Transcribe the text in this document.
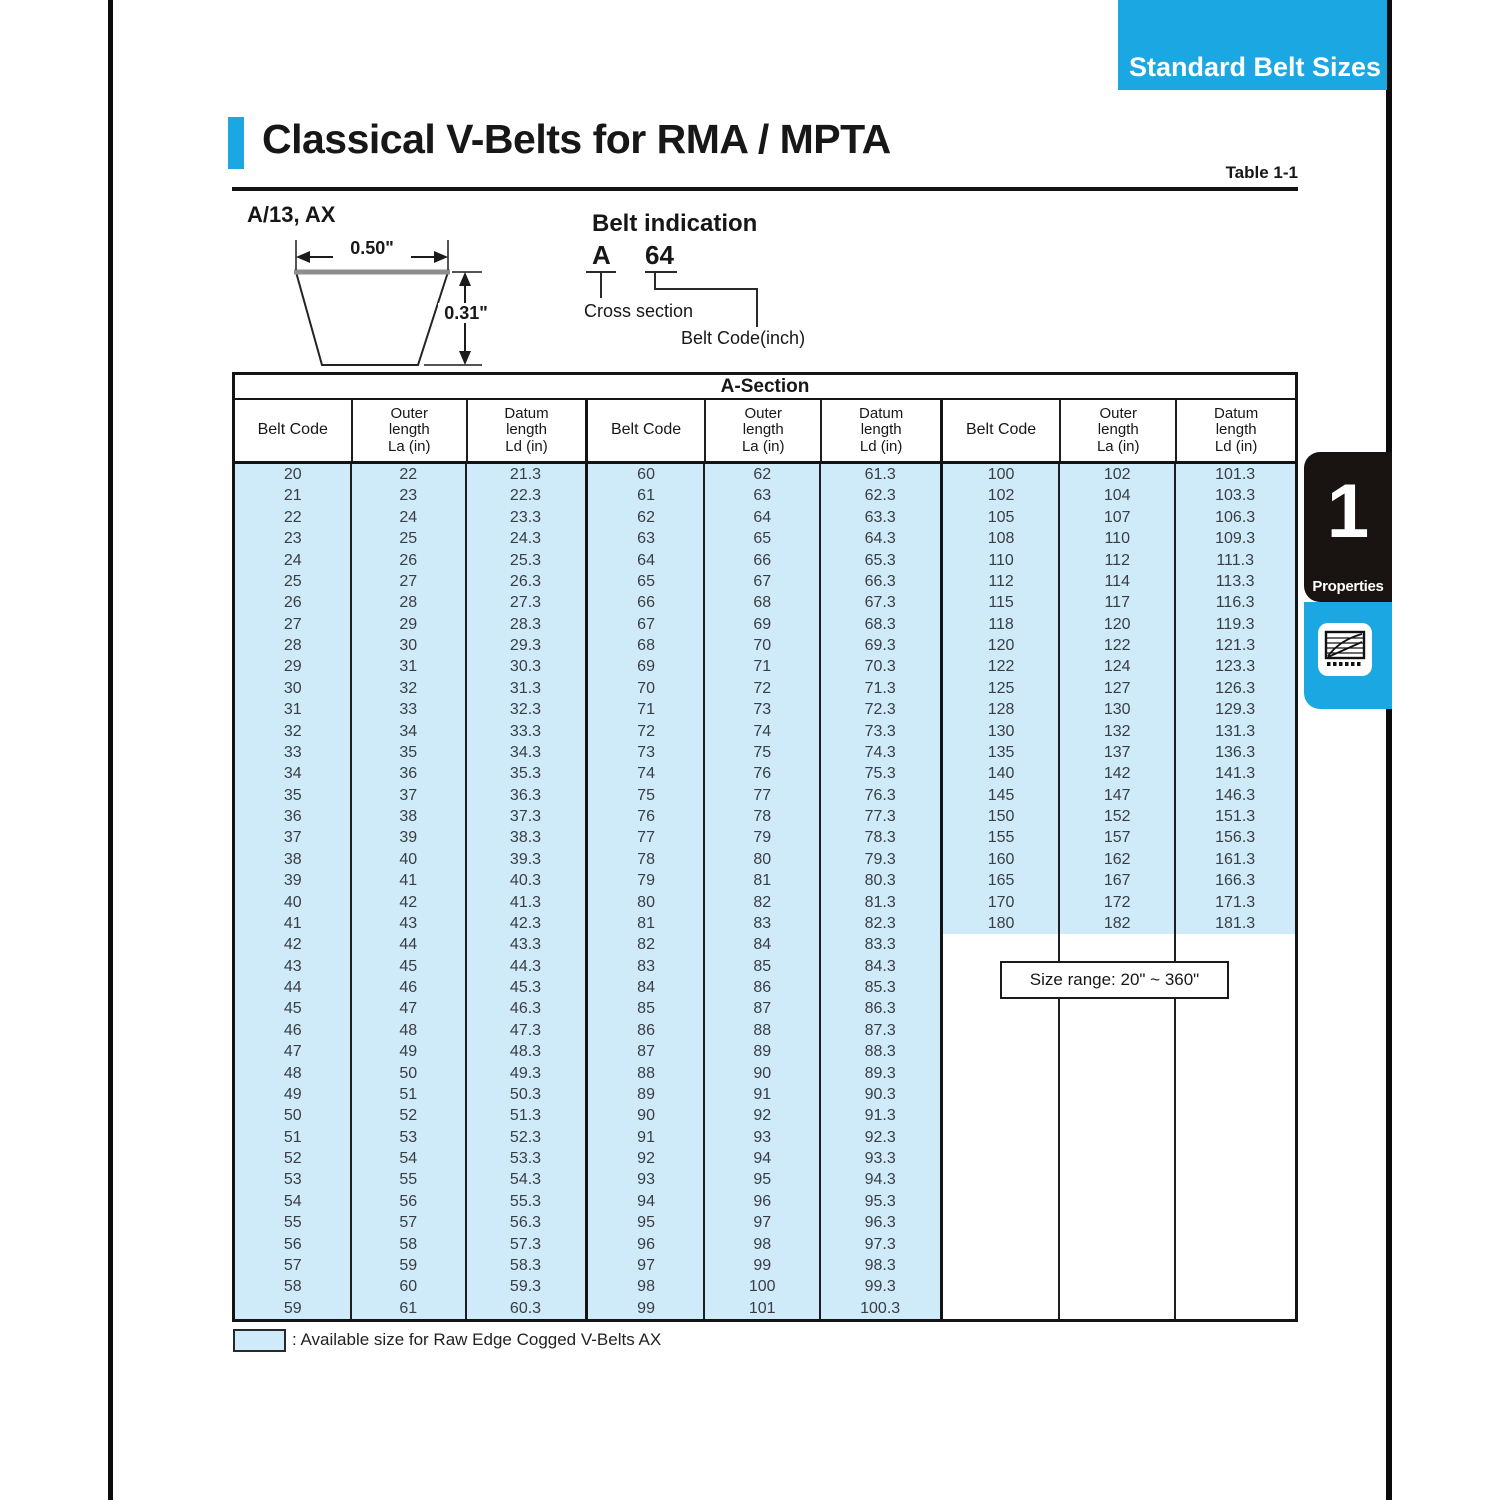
Standard Belt Sizes
Classical V-Belts for RMA / MPTA
Table 1-1
A/13, AX
0.50"
0.31"
Belt indication
A 64
Cross section
Belt Code(inch)
A-Section
Belt Code
Outer
length
La (in)
Datum
length
Ld (in)
Belt Code
Outer
length
La (in)
Datum
length
Ld (in)
Belt Code
Outer
length
La (in)
Datum
length
Ld (in)
20	22	21.3
21	23	22.3
22	24	23.3
23	25	24.3
24	26	25.3
25	27	26.3
26	28	27.3
27	29	28.3
28	30	29.3
29	31	30.3
30	32	31.3
31	33	32.3
32	34	33.3
33	35	34.3
34	36	35.3
35	37	36.3
36	38	37.3
37	39	38.3
38	40	39.3
39	41	40.3
40	42	41.3
41	43	42.3
42	44	43.3
43	45	44.3
44	46	45.3
45	47	46.3
46	48	47.3
47	49	48.3
48	50	49.3
49	51	50.3
50	52	51.3
51	53	52.3
52	54	53.3
53	55	54.3
54	56	55.3
55	57	56.3
56	58	57.3
57	59	58.3
58	60	59.3
59	61	60.3
60	62	61.3
61	63	62.3
62	64	63.3
63	65	64.3
64	66	65.3
65	67	66.3
66	68	67.3
67	69	68.3
68	70	69.3
69	71	70.3
70	72	71.3
71	73	72.3
72	74	73.3
73	75	74.3
74	76	75.3
75	77	76.3
76	78	77.3
77	79	78.3
78	80	79.3
79	81	80.3
80	82	81.3
81	83	82.3
82	84	83.3
83	85	84.3
84	86	85.3
85	87	86.3
86	88	87.3
87	89	88.3
88	90	89.3
89	91	90.3
90	92	91.3
91	93	92.3
92	94	93.3
93	95	94.3
94	96	95.3
95	97	96.3
96	98	97.3
97	99	98.3
98	100	99.3
99	101	100.3
100	102	101.3
102	104	103.3
105	107	106.3
108	110	109.3
110	112	111.3
112	114	113.3
115	117	116.3
118	120	119.3
120	122	121.3
122	124	123.3
125	127	126.3
128	130	129.3
130	132	131.3
135	137	136.3
140	142	141.3
145	147	146.3
150	152	151.3
155	157	156.3
160	162	161.3
165	167	166.3
170	172	171.3
180	182	181.3
Size range: 20" ~ 360"
: Available size for Raw Edge Cogged V-Belts AX
1
Properties
